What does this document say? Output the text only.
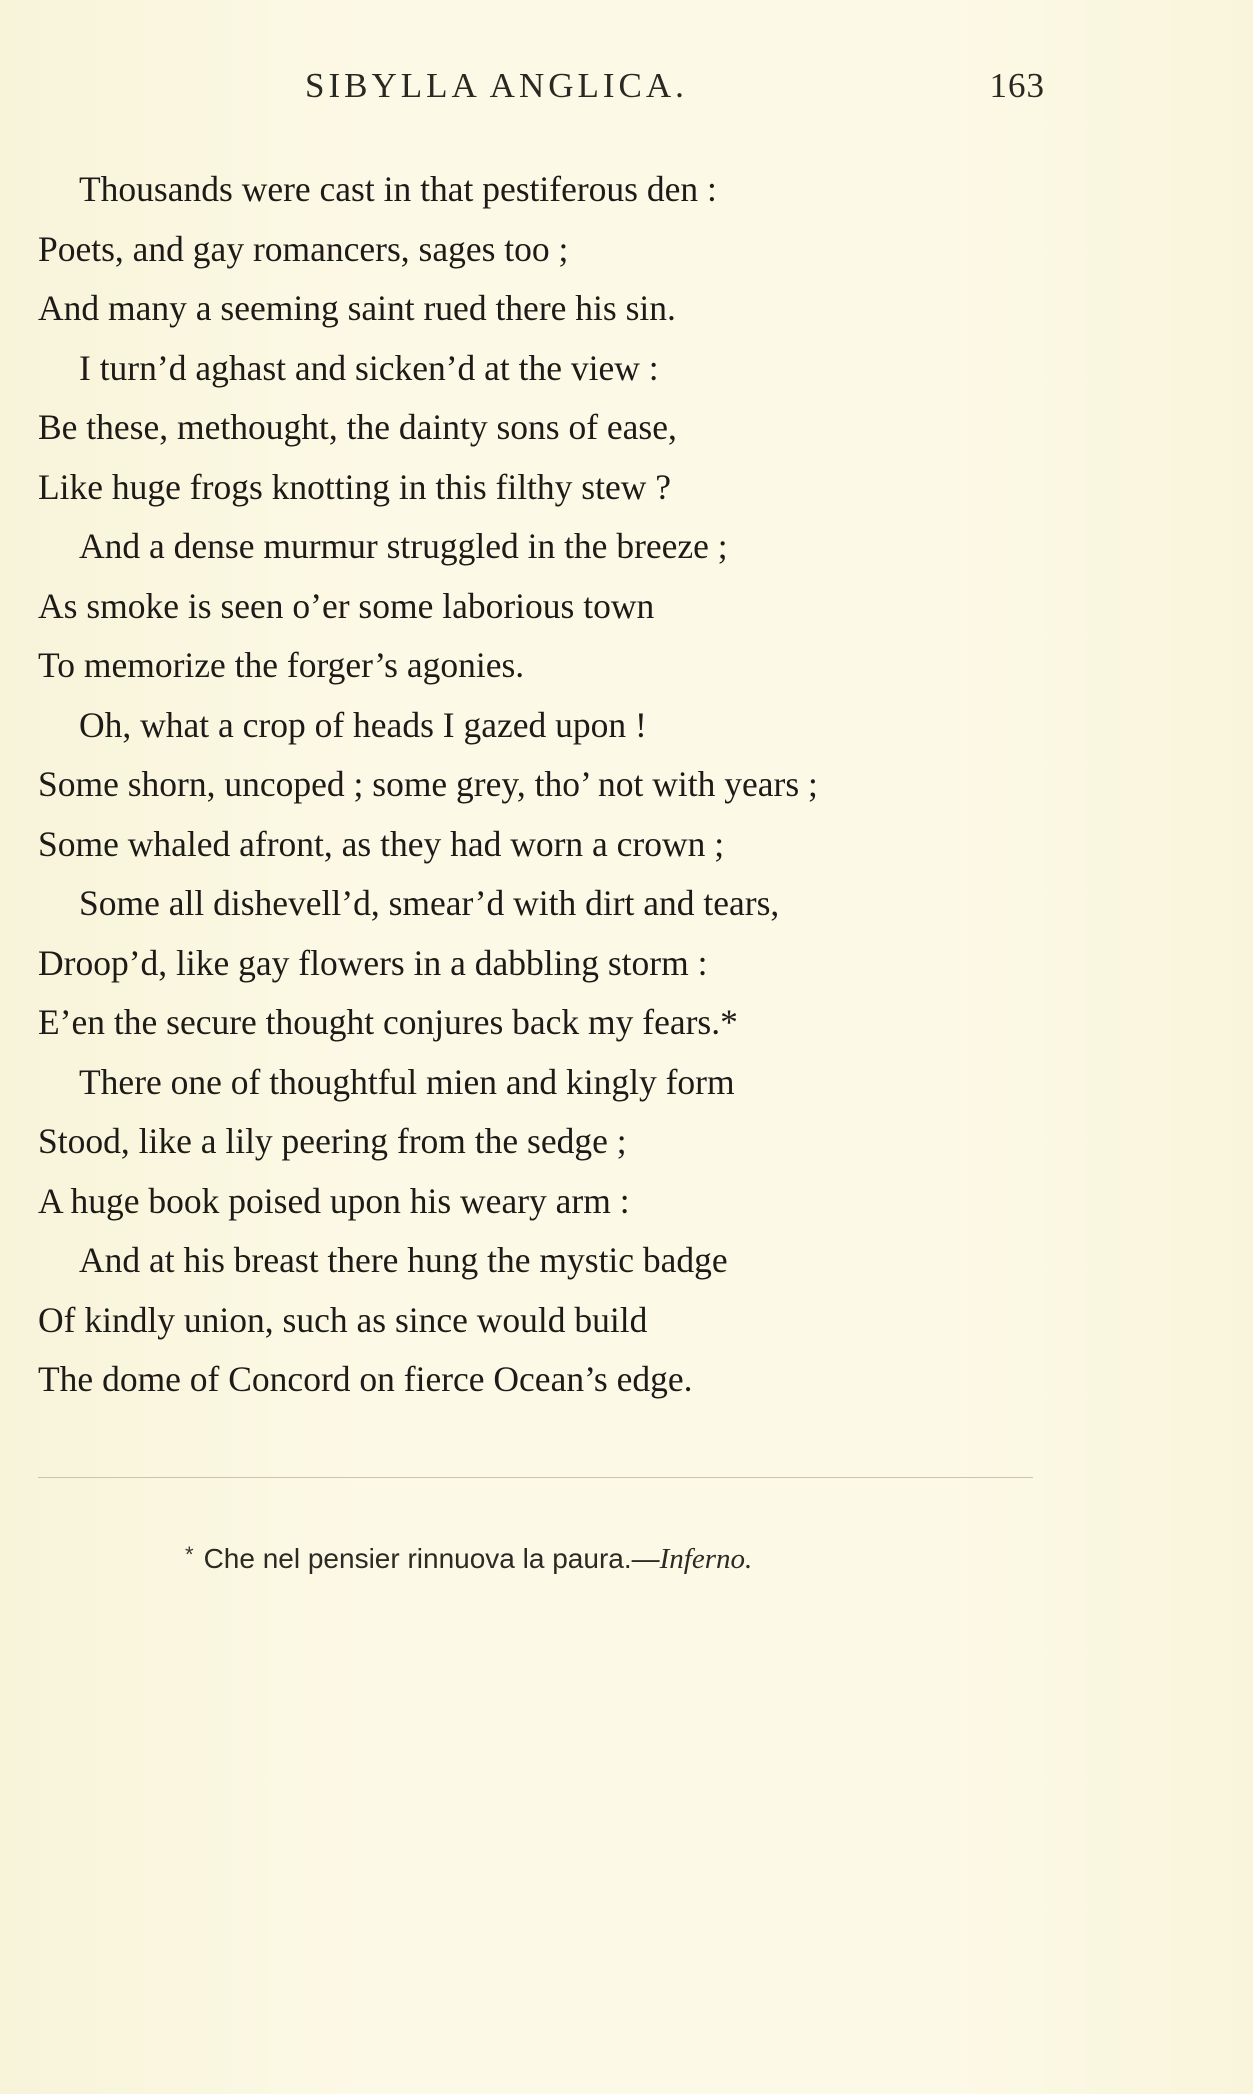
SIBYLLA ANGLICA.	163
Thousands were cast in that pestiferous den :
Poets, and gay romancers, sages too ;
And many a seeming saint rued there his sin.
I turn’d aghast and sicken’d at the view :
Be these, methought, the dainty sons of ease,
Like huge frogs knotting in this filthy stew ?
And a dense murmur struggled in the breeze ;
As smoke is seen o’er some laborious town
To memorize the forger’s agonies.
Oh, what a crop of heads I gazed upon !
Some shorn, uncoped ; some grey, tho’ not with years ;
Some whaled afront, as they had worn a crown ;
Some all dishevell’d, smear’d with dirt and tears,
Droop’d, like gay flowers in a dabbling storm :
E’en the secure thought conjures back my fears.*
There one of thoughtful mien and kingly form
Stood, like a lily peering from the sedge ;
A huge book poised upon his weary arm :
And at his breast there hung the mystic badge
Of kindly union, such as since would build
The dome of Concord on fierce Ocean’s edge.
* Che nel pensier rinnuova la paura.—Inferno.
